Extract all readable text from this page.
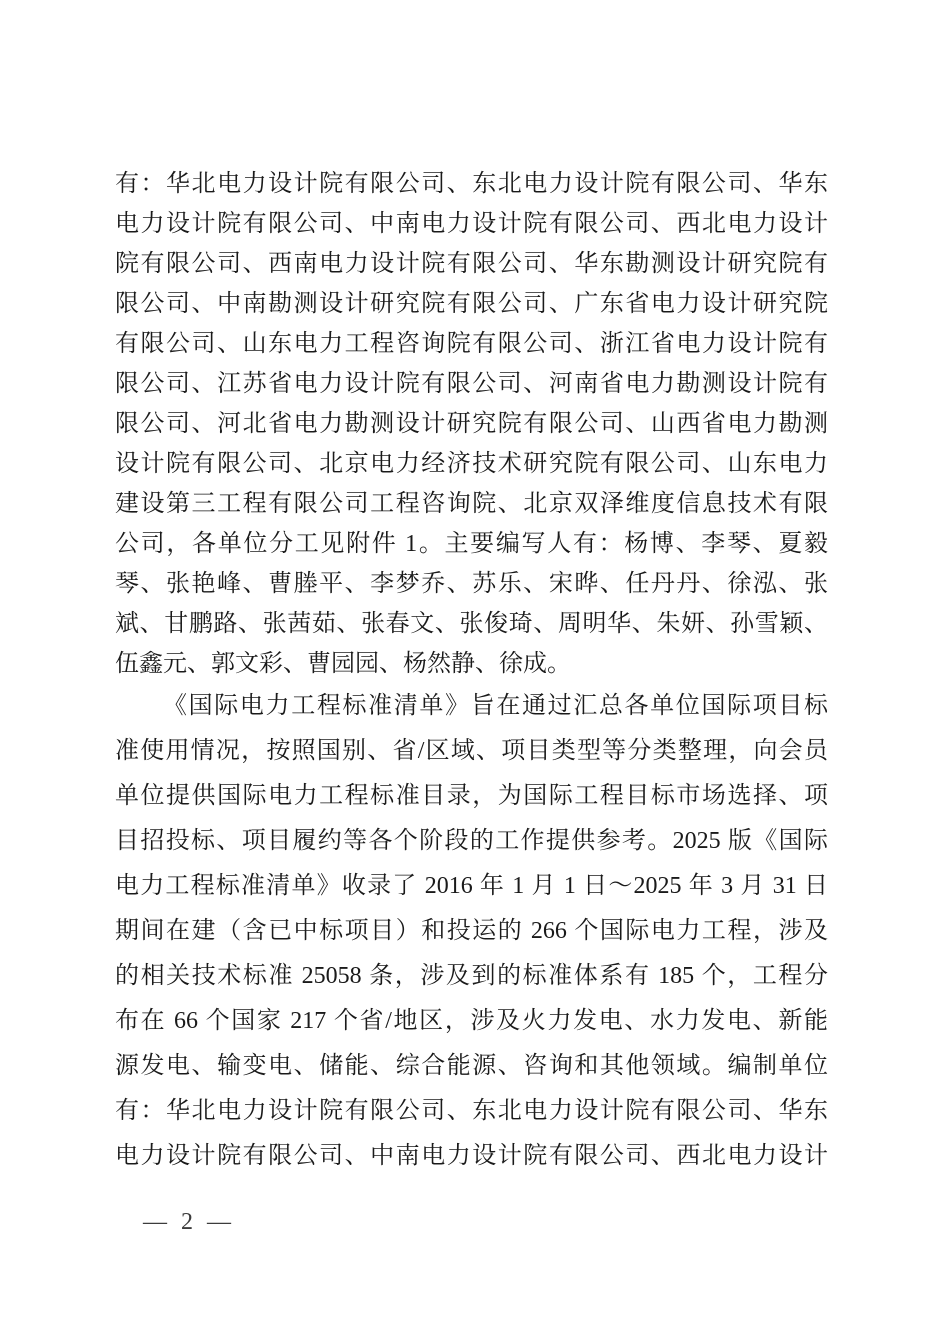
有：华北电力设计院有限公司、东北电力设计院有限公司、华东
电力设计院有限公司、中南电力设计院有限公司、西北电力设计
院有限公司、西南电力设计院有限公司、华东勘测设计研究院有
限公司、中南勘测设计研究院有限公司、广东省电力设计研究院
有限公司、山东电力工程咨询院有限公司、浙江省电力设计院有
限公司、江苏省电力设计院有限公司、河南省电力勘测设计院有
限公司、河北省电力勘测设计研究院有限公司、山西省电力勘测
设计院有限公司、北京电力经济技术研究院有限公司、山东电力
建设第三工程有限公司工程咨询院、北京双泽维度信息技术有限
公司，各单位分工见附件 1。主要编写人有：杨博、李琴、夏毅
琴、张艳峰、曹塍平、李梦乔、苏乐、宋晔、任丹丹、徐泓、张
斌、甘鹏路、张茜茹、张春文、张俊琦、周明华、朱妍、孙雪颖、
伍鑫元、郭文彩、曹园园、杨然静、徐成。
《国际电力工程标准清单》旨在通过汇总各单位国际项目标
准使用情况，按照国别、省/区域、项目类型等分类整理，向会员
单位提供国际电力工程标准目录，为国际工程目标市场选择、项
目招投标、项目履约等各个阶段的工作提供参考。2025 版《国际
电力工程标准清单》收录了 2016 年 1 月 1 日～2025 年 3 月 31 日
期间在建（含已中标项目）和投运的 266 个国际电力工程，涉及
的相关技术标准 25058 条，涉及到的标准体系有 185 个，工程分
布在 66 个国家 217 个省/地区，涉及火力发电、水力发电、新能
源发电、输变电、储能、综合能源、咨询和其他领域。编制单位
有：华北电力设计院有限公司、东北电力设计院有限公司、华东
电力设计院有限公司、中南电力设计院有限公司、西北电力设计
— 2 —
